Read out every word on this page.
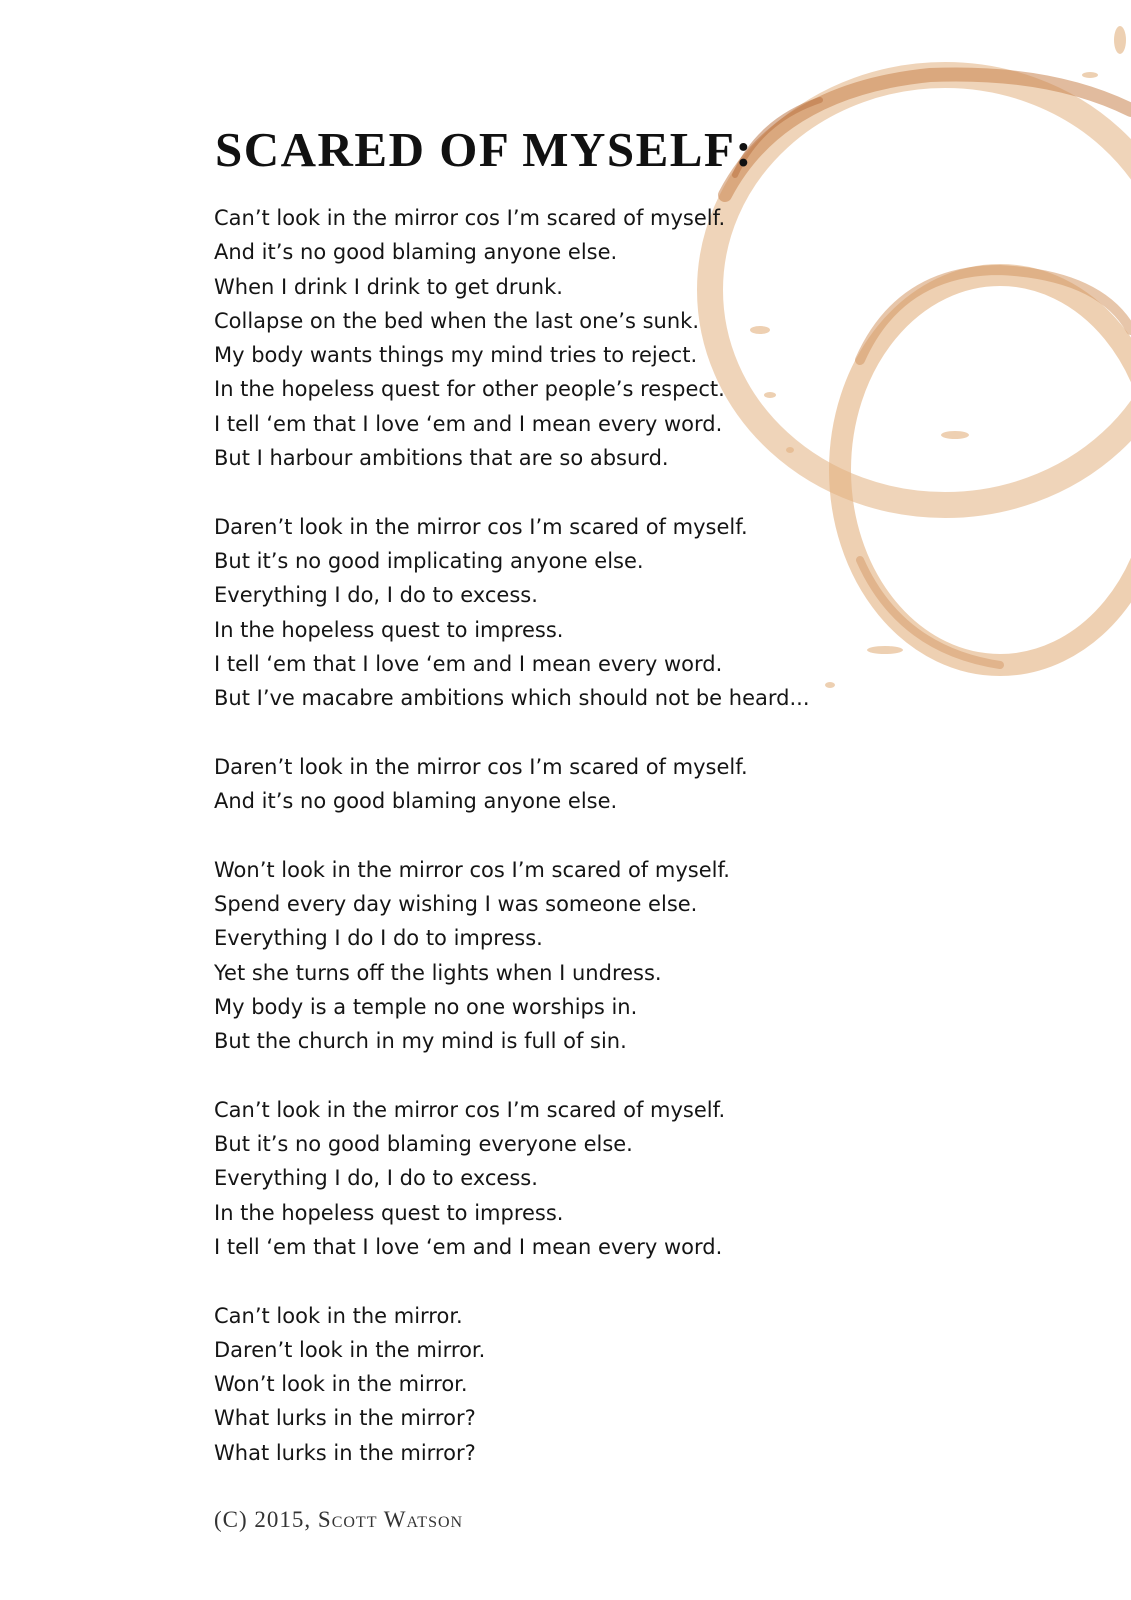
SCARED OF MYSELF:
Can’t look in the mirror cos I’m scared of myself.
And it’s no good blaming anyone else.
When I drink I drink to get drunk.
Collapse on the bed when the last one’s sunk.
My body wants things my mind tries to reject.
In the hopeless quest for other people’s respect.
I tell ‘em that I love ‘em and I mean every word.
But I harbour ambitions that are so absurd.
Daren’t look in the mirror cos I’m scared of myself.
But it’s no good implicating anyone else.
Everything I do, I do to excess.
In the hopeless quest to impress.
I tell ‘em that I love ‘em and I mean every word.
But I’ve macabre ambitions which should not be heard...
Daren’t look in the mirror cos I’m scared of myself.
And it’s no good blaming anyone else.
Won’t look in the mirror cos I’m scared of myself.
Spend every day wishing I was someone else.
Everything I do I do to impress.
Yet she turns off the lights when I undress.
My body is a temple no one worships in.
But the church in my mind is full of sin.
Can’t look in the mirror cos I’m scared of myself.
But it’s no good blaming everyone else.
Everything I do, I do to excess.
In the hopeless quest to impress.
I tell ‘em that I love ‘em and I mean every word.
Can’t look in the mirror.
Daren’t look in the mirror.
Won’t look in the mirror.
What lurks in the mirror?
What lurks in the mirror?
(C) 2015, Scott Watson
